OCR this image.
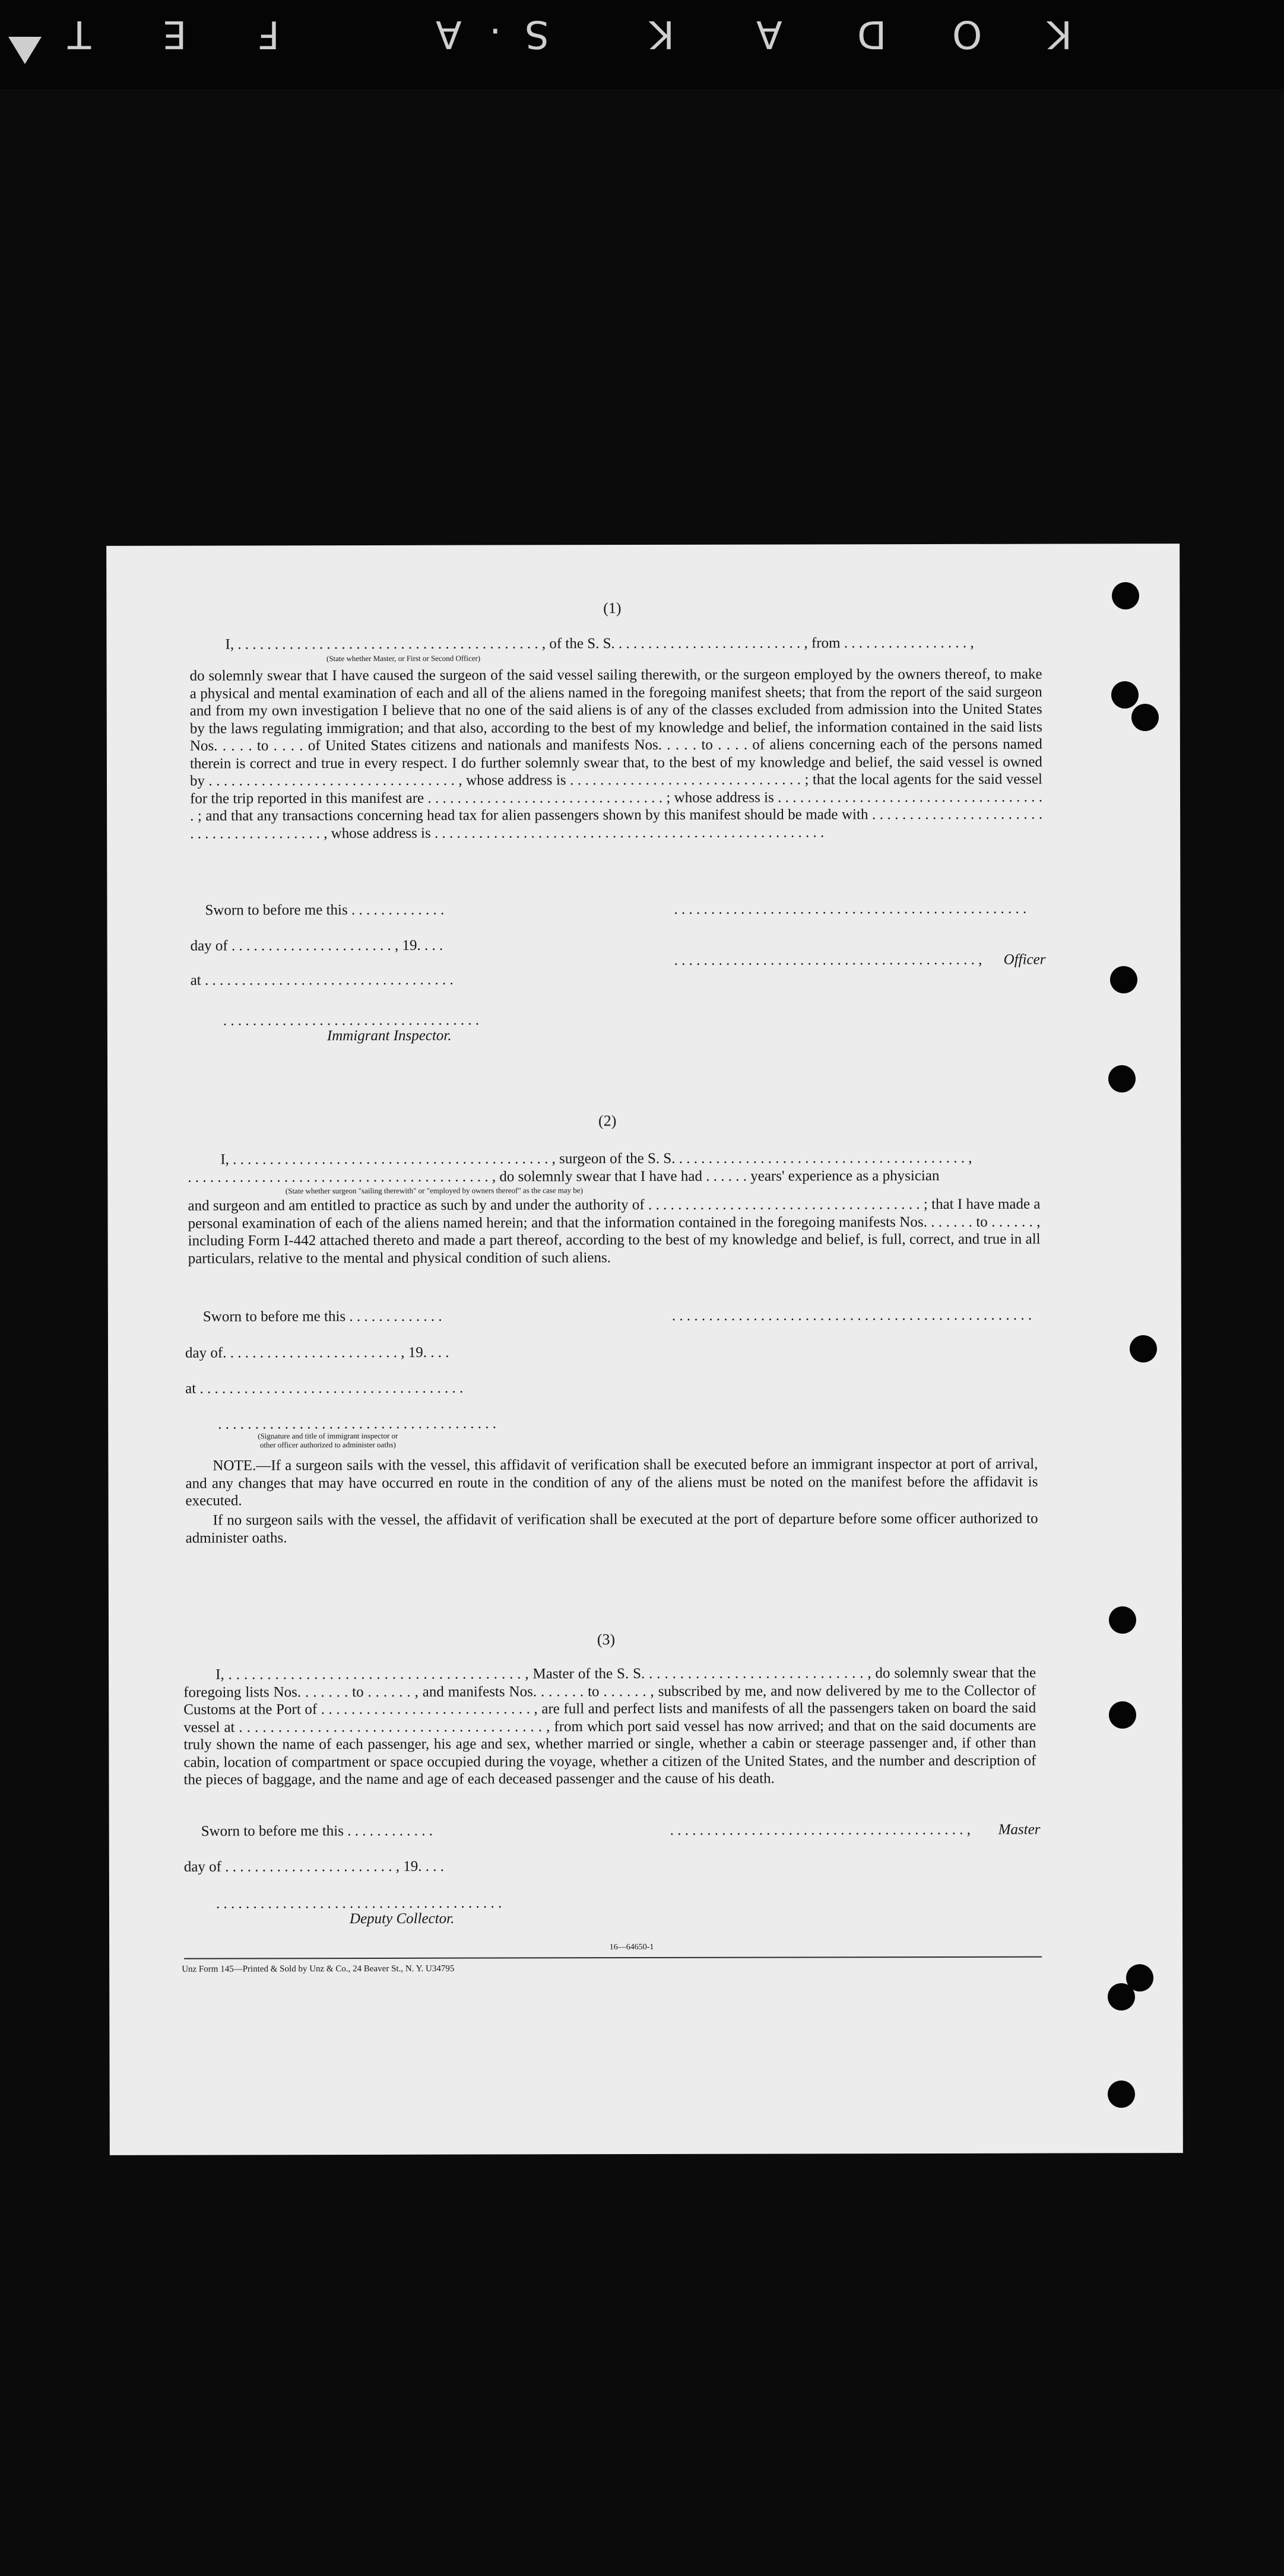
K
O
D
A
K
S
·
A
F
E
T
(1)
I, . . . . . . . . . . . . . . . . . . . . . . . . . . . . . . . . . . . . . . . . . , of the S. S. . . . . . . . . . . . . . . . . . . . . . . . . . , from . . . . . . . . . . . . . . . . . ,
(State whether Master, or First or Second Officer)
do solemnly swear that I have caused the surgeon of the said vessel sailing therewith, or the surgeon employed by the owners thereof, to make a physical and mental examination of each and all of the aliens named in the foregoing manifest sheets; that from the report of the said surgeon and from my own investigation I believe that no one of the said aliens is of any of the classes excluded from admission into the United States by the laws regulating immigration; and that also, according to the best of my knowledge and belief, the information contained in the said lists Nos. . . . . to . . . . of United States citizens and nationals and manifests Nos. . . . . to . . . . of aliens concerning each of the persons named therein is correct and true in every respect. I do further solemnly swear that, to the best of my knowledge and belief, the said vessel is owned by . . . . . . . . . . . . . . . . . . . . . . . . . . . . . . . . . , whose address is . . . . . . . . . . . . . . . . . . . . . . . . . . . . . . . ; that the local agents for the said vessel for the trip reported in this manifest are . . . . . . . . . . . . . . . . . . . . . . . . . . . . . . . . ; whose address is . . . . . . . . . . . . . . . . . . . . . . . . . . . . . . . . . . . . . ; and that any transactions concerning head tax for alien passengers shown by this manifest should be made with . . . . . . . . . . . . . . . . . . . . . . . . . . . . . . . . . . . . . . . . . , whose address is . . . . . . . . . . . . . . . . . . . . . . . . . . . . . . . . . . . . . . . . . . . . . . . . . . . . .
Sworn to before me this . . . . . . . . . . . . .	. . . . . . . . . . . . . . . . . . . . . . . . . . . . . . . . . . . . . . . . . . . . . . . .
day of . . . . . . . . . . . . . . . . . . . . . . , 19. . . .
. . . . . . . . . . . . . . . . . . . . . . . . . . . . . . . . . . . . . . . . . , Officer
at . . . . . . . . . . . . . . . . . . . . . . . . . . . . . . . . . .
. . . . . . . . . . . . . . . . . . . . . . . . . . . . . . . . . . .
Immigrant Inspector.
(2)
I, . . . . . . . . . . . . . . . . . . . . . . . . . . . . . . . . . . . . . . . . . . . , surgeon of the S. S. . . . . . . . . . . . . . . . . . . . . . . . . . . . . . . . . . . . . . . . ,
. . . . . . . . . . . . . . . . . . . . . . . . . . . . . . . . . . . . . . . . . , do solemnly swear that I have had . . . . . . years' experience as a physician
(State whether surgeon "sailing therewith" or "employed by owners thereof" as the case may be)
and surgeon and am entitled to practice as such by and under the authority of . . . . . . . . . . . . . . . . . . . . . . . . . . . . . . . . . . . . . ; that I have made a personal examination of each of the aliens named herein; and that the information contained in the foregoing manifests Nos. . . . . . . to . . . . . . , including Form I-442 attached thereto and made a part thereof, according to the best of my knowledge and belief, is full, correct, and true in all particulars, relative to the mental and physical condition of such aliens.
Sworn to before me this . . . . . . . . . . . . .	. . . . . . . . . . . . . . . . . . . . . . . . . . . . . . . . . . . . . . . . . . . . . . . . .
day of. . . . . . . . . . . . . . . . . . . . . . . . , 19. . . .
at . . . . . . . . . . . . . . . . . . . . . . . . . . . . . . . . . . . .
. . . . . . . . . . . . . . . . . . . . . . . . . . . . . . . . . . . . . .
(Signature and title of immigrant inspector or
other officer authorized to administer oaths)
NOTE.—If a surgeon sails with the vessel, this affidavit of verification shall be executed before an immigrant inspector at port of arrival, and any changes that may have occurred en route in the condition of any of the aliens must be noted on the manifest before the affidavit is executed.
If no surgeon sails with the vessel, the affidavit of verification shall be executed at the port of departure before some officer authorized to administer oaths.
(3)
I, . . . . . . . . . . . . . . . . . . . . . . . . . . . . . . . . . . . . . . , Master of the S. S. . . . . . . . . . . . . . . . . . . . . . . . . . . . . , do solemnly swear that the foregoing lists Nos. . . . . . . to . . . . . . , and manifests Nos. . . . . . . to . . . . . . , subscribed by me, and now delivered by me to the Collector of Customs at the Port of . . . . . . . . . . . . . . . . . . . . . . . . . . . . , are full and perfect lists and manifests of all the passengers taken on board the said vessel at . . . . . . . . . . . . . . . . . . . . . . . . . . . . . . . . . . . . . . . , from which port said vessel has now arrived; and that on the said documents are truly shown the name of each passenger, his age and sex, whether married or single, whether a cabin or steerage passenger and, if other than cabin, location of compartment or space occupied during the voyage, whether a citizen of the United States, and the number and description of the pieces of baggage, and the name and age of each deceased passenger and the cause of his death.
Sworn to before me this . . . . . . . . . . . .	. . . . . . . . . . . . . . . . . . . . . . . . . . . . . . . . . . . . . . . . , Master
day of . . . . . . . . . . . . . . . . . . . . . . . , 19. . . .
. . . . . . . . . . . . . . . . . . . . . . . . . . . . . . . . . . . . . . .
Deputy Collector.
16—64650-1
Unz Form 145—Printed & Sold by Unz & Co., 24 Beaver St., N. Y. U34795
